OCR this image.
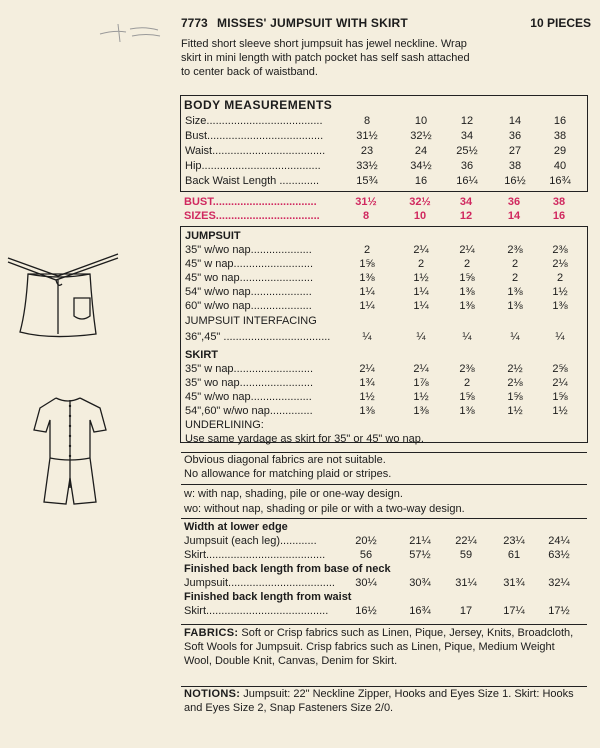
7773 MISSES' JUMPSUIT WITH SKIRT	10 PIECES
Fitted short sleeve short jumpsuit has jewel neckline. Wrap
skirt in mini length with patch pocket has self sash attached
to center back of waistband.
BODY MEASUREMENTS
Size......................................	8	10	12	14	16
Bust......................................	31½	32½	34	36	38
Waist.....................................	23	24	25½	27	29
Hip.......................................	33½	34½	36	38	40
Back Waist Length .............	15¾	16	16¼	16½	16¾
BUST..................................	31½	32½	34	36	38
SIZES..................................	8	10	12	14	16
JUMPSUIT
35" w/wo nap....................	2	2¼	2¼	2⅜	2⅜
45" w nap..........................	1⅝	2	2	2	2⅛
45" wo nap........................	1⅜	1½	1⅝	2	2
54" w/wo nap....................	1¼	1¼	1⅜	1⅜	1½
60" w/wo nap....................	1¼	1¼	1⅜	1⅜	1⅜
JUMPSUIT INTERFACING
36",45" ...................................	¼	¼	¼	¼	¼
SKIRT
35" w nap..........................	2¼	2¼	2⅜	2½	2⅝
35" wo nap........................	1¾	1⅞	2	2⅛	2¼
45" w/wo nap....................	1½	1½	1⅝	1⅝	1⅝
54",60" w/wo nap..............	1⅜	1⅜	1⅜	1½	1½
UNDERLINING:
Use same yardage as skirt for 35" or 45" wo nap.
Obvious diagonal fabrics are not suitable.
No allowance for matching plaid or stripes.
w: with nap, shading, pile or one-way design.
wo: without nap, shading or pile or with a two-way design.
Width at lower edge
Jumpsuit (each leg)............	20½	21¼	22¼	23¼	24¼
Skirt.......................................	56	57½	59	61	63½
Finished back length from base of neck
Jumpsuit...................................	30¼	30¾	31¼	31¾	32¼
Finished back length from waist
Skirt........................................	16½	16¾	17	17¼	17½
FABRICS: Soft or Crisp fabrics such as Linen, Pique, Jersey, Knits, Broadcloth, Soft Wools for Jumpsuit. Crisp fabrics such as Linen, Pique, Medium Weight Wool, Double Knit, Canvas, Denim for Skirt.
NOTIONS: Jumpsuit: 22" Neckline Zipper, Hooks and Eyes Size 1. Skirt: Hooks and Eyes Size 2, Snap Fasteners Size 2/0.
